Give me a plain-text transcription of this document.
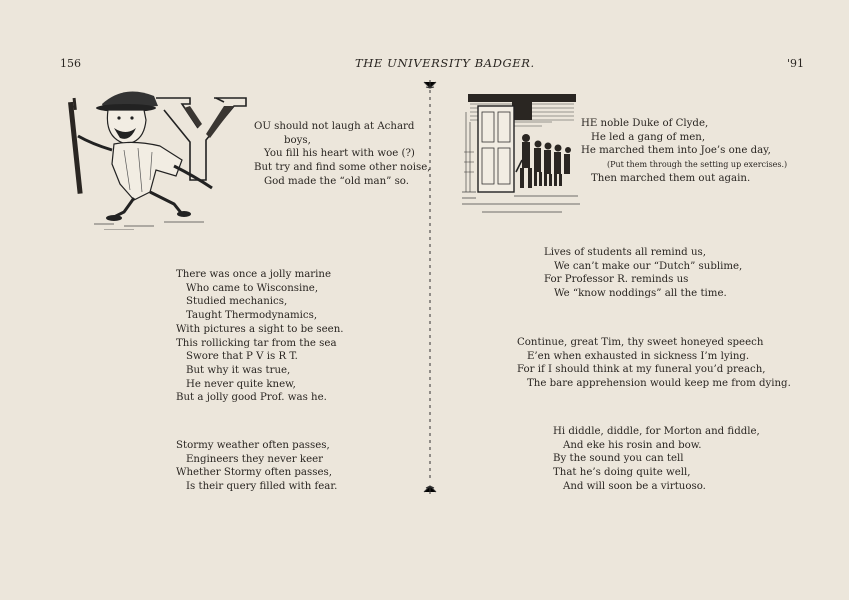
156	THE UNIVERSITY BADGER.	'91
OU should not laugh at Achard
boys,
You fill his heart with woe (?)
But try and find some other noise,
God made the “old man” so.
There was once a jolly marine
Who came to Wisconsine,
Studied mechanics,
Taught Thermodynamics,
With pictures a sight to be seen.
This rollicking tar from the sea
Swore that P V is R T.
But why it was true,
He never quite knew,
But a jolly good Prof. was he.
Stormy weather often passes,
Engineers they never keer
Whether Stormy often passes,
Is their query filled with fear.
HE noble Duke of Clyde,
He led a gang of men,
He marched them into Joe’s one day,
(Put them through the setting up exercises.)
Then marched them out again.
Lives of students all remind us,
We can’t make our “Dutch” sublime,
For Professor R. reminds us
We “know noddings” all the time.
Continue, great Tim, thy sweet honeyed speech
E’en when exhausted in sickness I’m lying.
For if I should think at my funeral you’d preach,
The bare apprehension would keep me from dying.
Hi diddle, diddle, for Morton and fiddle,
And eke his rosin and bow.
By the sound you can tell
That he’s doing quite well,
And will soon be a virtuoso.
